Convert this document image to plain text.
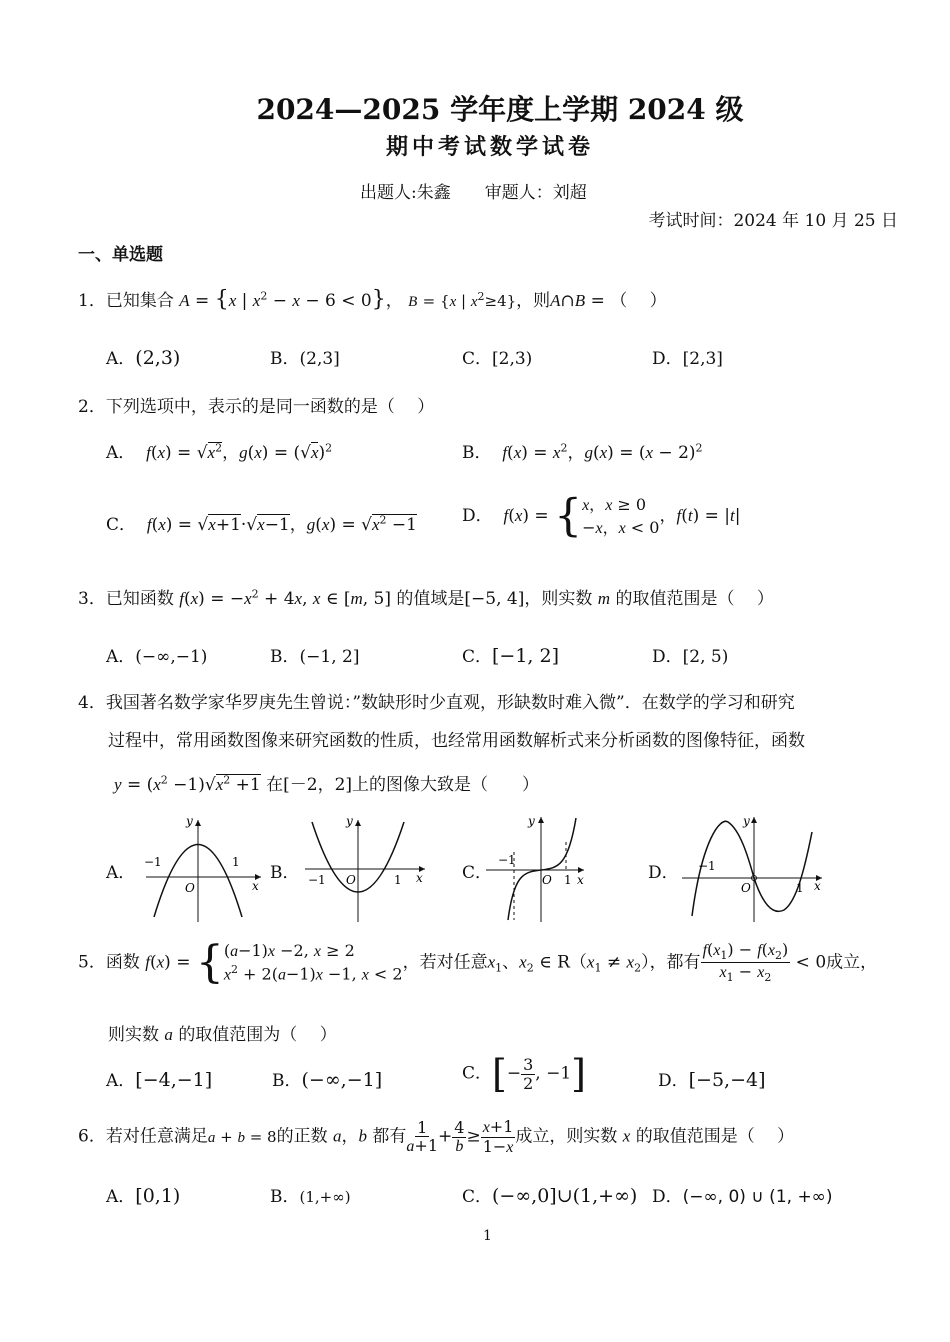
2024—2025 学年度上学期 2024 级
期中考试数学试卷
出题人:朱鑫　　审题人：刘超
考试时间：2024 年 10 月 25 日
一、单选题
1．已知集合 A = {x | $x^2 - x - 6 < 0$}， B = {x | $x^2\ge 4$}，则A∩B = （　 ）
A．(2,3)	B．(2,3]	C．[2,3)	D．[2,3]
2．下列选项中，表示的是同一函数的是（　 ）
A． $f(x) = √x^2$，$g(x) = (√x)^2$	B． $f(x) = x^2$，$g(x) = (x - 2)^2$
C． f(x) = √x+1·√x−1，$g(x) = √x^2 -1$	D． f(x) = { x，x ≥ 0
−x，x < 0
，f(t) = |t|
3．已知函数 $f(x) = -x^2 + 4x$, x ∈ [m, 5] 的值域是[−5, 4]，则实数 m 的取值范围是（　 ）
A．(−∞,−1)	B．(−1, 2]	C．[−1, 2]	D．[2, 5)
4．我国著名数学家华罗庚先生曾说：”数缺形时少直观，形缺数时难入微”．在数学的学习和研究
过程中，常用函数图像来研究函数的性质，也经常用函数解析式来分析函数的图像特征，函数
$y = (x^2 -1)√x^2 +1$ 在[－2，2]上的图像大致是（　　）
A．	B．	C．	D．
y
x
O
−1	1
y
x
O
−1	1
y
x
O
−1
1
y
x
O
−1
1
5．函数 f(x) = { (a−1)x −2, x ≥ 2
$x^2 + 2(a-1)x -1$, x < 2
，若对任意$x_1$、$x_2$ ∈ $R(x_1 \ne x_2)$，都有 $\frac{f(x_1) - f(x_2)}{x_1 - x_2} < 0$成立，
则实数 a 的取值范围为（　 ）
A．[−4,−1]	B．(−∞,−1]	C．[− $\frac{3}{2}$ , −1]	D．[−5,−4]
6．若对任意满足a + b = 8的正数 a，b 都有 $\frac{1}{a+1} + \frac{4}{b} \ge \frac{x+1}{1-x}$ 成立，则实数 x 的取值范围是（　 ）
A．[0,1)	B．(1,+∞)	C．(−∞,0]∪(1,+∞) D．(−∞, 0) ∪ (1, +∞)
1
